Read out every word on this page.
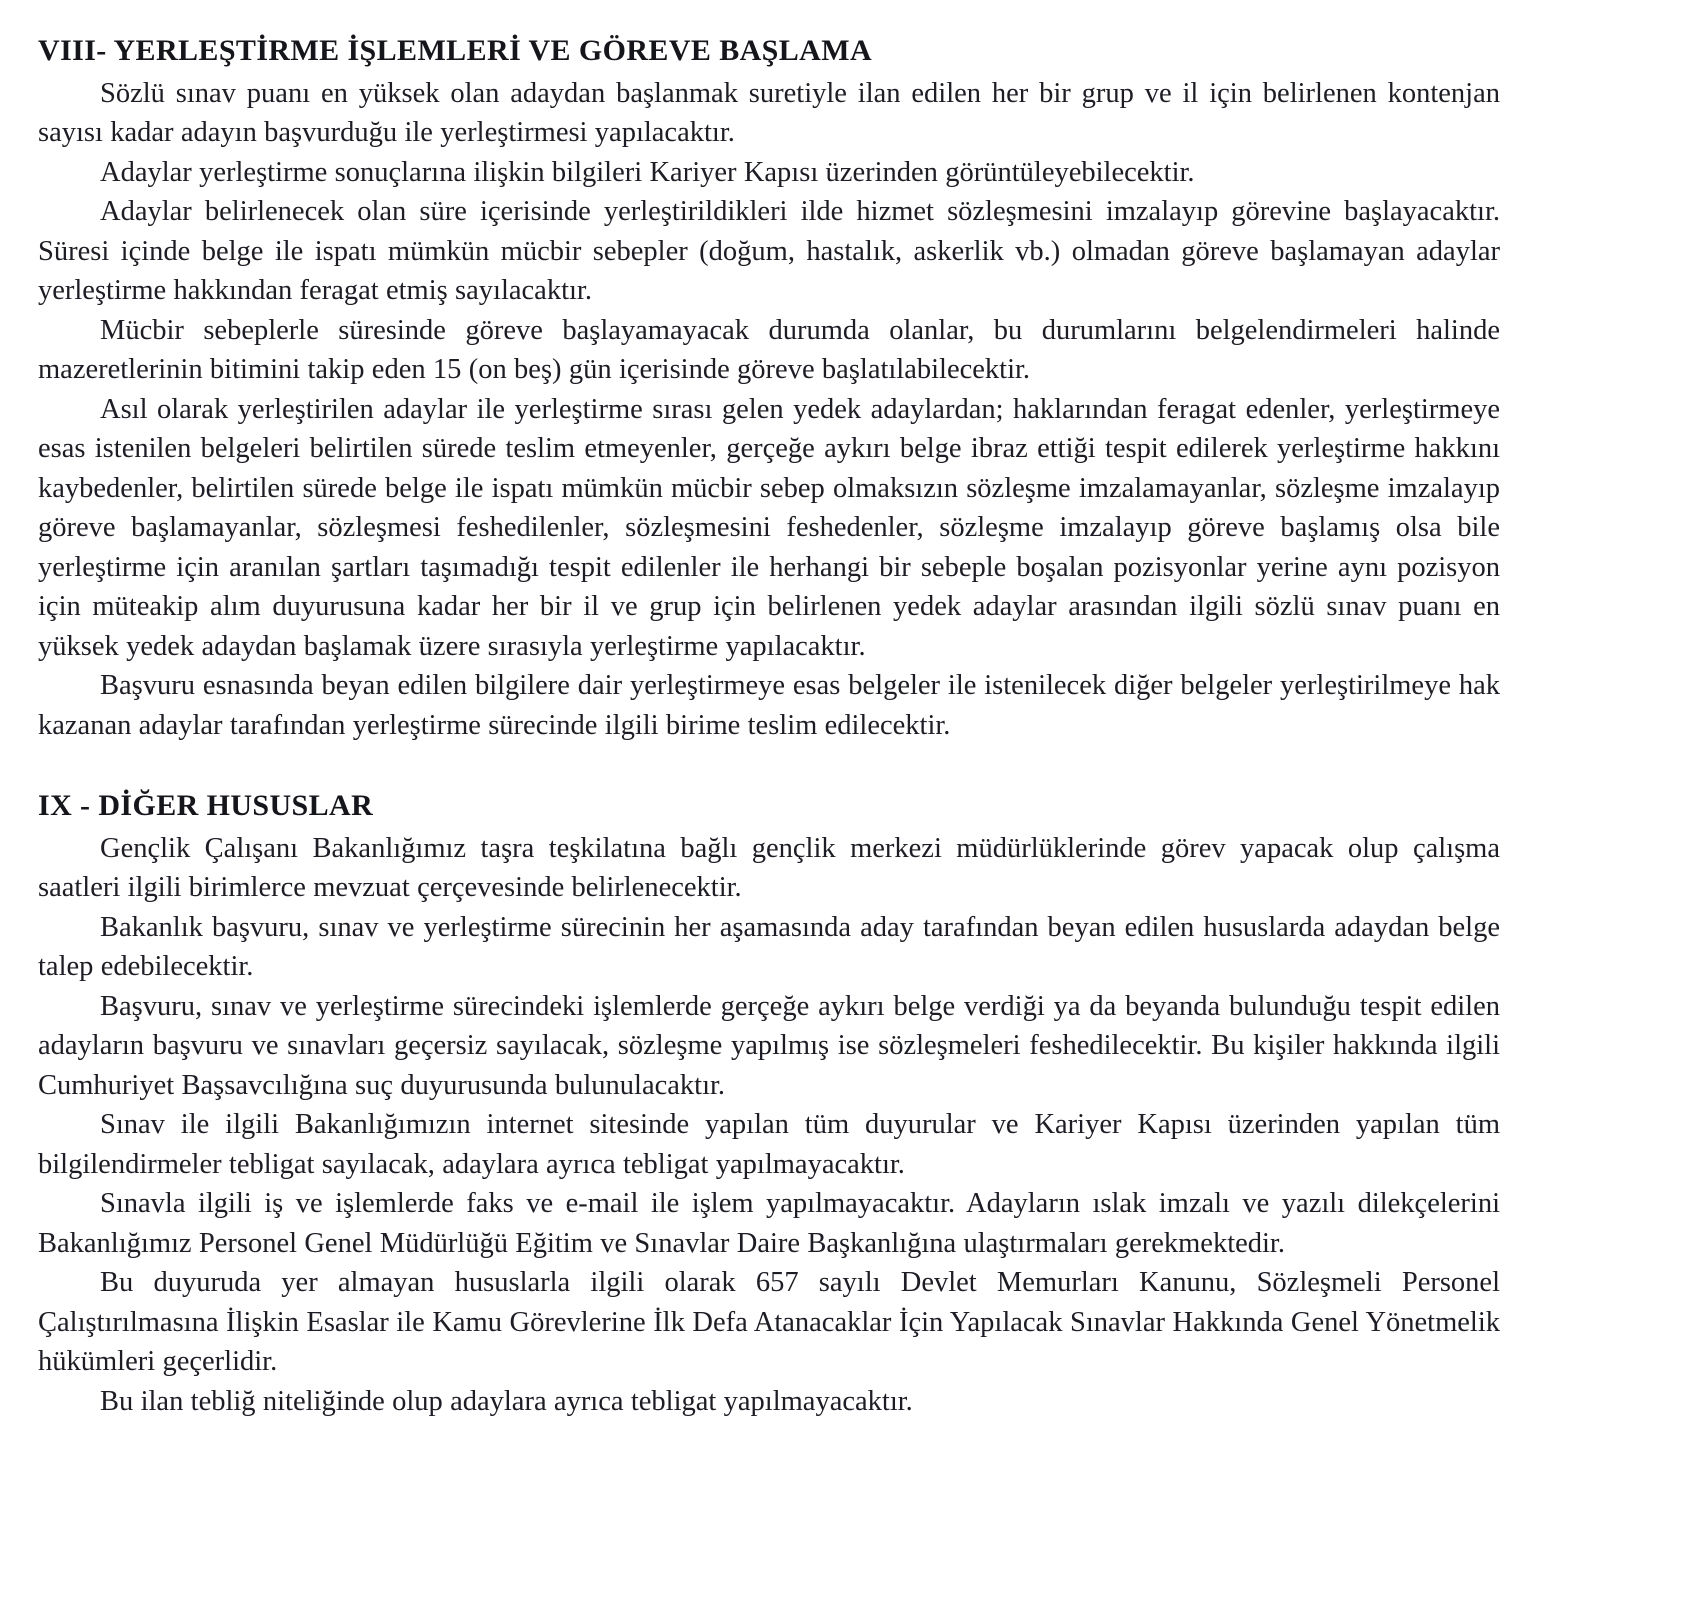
VIII- YERLEŞTİRME İŞLEMLERİ VE GÖREVE BAŞLAMA

Sözlü sınav puanı en yüksek olan adaydan başlanmak suretiyle ilan edilen her bir grup ve il için belirlenen kontenjan sayısı kadar adayın başvurduğu ile yerleştirmesi yapılacaktır.

Adaylar yerleştirme sonuçlarına ilişkin bilgileri Kariyer Kapısı üzerinden görüntüleyebilecektir.

Adaylar belirlenecek olan süre içerisinde yerleştirildikleri ilde hizmet sözleşmesini imzalayıp görevine başlayacaktır. Süresi içinde belge ile ispatı mümkün mücbir sebepler (doğum, hastalık, askerlik vb.) olmadan göreve başlamayan adaylar yerleştirme hakkından feragat etmiş sayılacaktır.

Mücbir sebeplerle süresinde göreve başlayamayacak durumda olanlar, bu durumlarını belgelendirmeleri halinde mazeretlerinin bitimini takip eden 15 (on beş) gün içerisinde göreve başlatılabilecektir.

Asıl olarak yerleştirilen adaylar ile yerleştirme sırası gelen yedek adaylardan; haklarından feragat edenler, yerleştirmeye esas istenilen belgeleri belirtilen sürede teslim etmeyenler, gerçeğe aykırı belge ibraz ettiği tespit edilerek yerleştirme hakkını kaybedenler, belirtilen sürede belge ile ispatı mümkün mücbir sebep olmaksızın sözleşme imzalamayanlar, sözleşme imzalayıp göreve başlamayanlar, sözleşmesi feshedilenler, sözleşmesini feshedenler, sözleşme imzalayıp göreve başlamış olsa bile yerleştirme için aranılan şartları taşımadığı tespit edilenler ile herhangi bir sebeple boşalan pozisyonlar yerine aynı pozisyon için müteakip alım duyurusuna kadar her bir il ve grup için belirlenen yedek adaylar arasından ilgili sözlü sınav puanı en yüksek yedek adaydan başlamak üzere sırasıyla yerleştirme yapılacaktır.

Başvuru esnasında beyan edilen bilgilere dair yerleştirmeye esas belgeler ile istenilecek diğer belgeler yerleştirilmeye hak kazanan adaylar tarafından yerleştirme sürecinde ilgili birime teslim edilecektir.

IX - DİĞER HUSUSLAR

Gençlik Çalışanı Bakanlığımız taşra teşkilatına bağlı gençlik merkezi müdürlüklerinde görev yapacak olup çalışma saatleri ilgili birimlerce mevzuat çerçevesinde belirlenecektir.

Bakanlık başvuru, sınav ve yerleştirme sürecinin her aşamasında aday tarafından beyan edilen hususlarda adaydan belge talep edebilecektir.

Başvuru, sınav ve yerleştirme sürecindeki işlemlerde gerçeğe aykırı belge verdiği ya da beyanda bulunduğu tespit edilen adayların başvuru ve sınavları geçersiz sayılacak, sözleşme yapılmış ise sözleşmeleri feshedilecektir. Bu kişiler hakkında ilgili Cumhuriyet Başsavcılığına suç duyurusunda bulunulacaktır.

Sınav ile ilgili Bakanlığımızın internet sitesinde yapılan tüm duyurular ve Kariyer Kapısı üzerinden yapılan tüm bilgilendirmeler tebligat sayılacak, adaylara ayrıca tebligat yapılmayacaktır.

Sınavla ilgili iş ve işlemlerde faks ve e-mail ile işlem yapılmayacaktır. Adayların ıslak imzalı ve yazılı dilekçelerini Bakanlığımız Personel Genel Müdürlüğü Eğitim ve Sınavlar Daire Başkanlığına ulaştırmaları gerekmektedir.

Bu duyuruda yer almayan hususlarla ilgili olarak 657 sayılı Devlet Memurları Kanunu, Sözleşmeli Personel Çalıştırılmasına İlişkin Esaslar ile Kamu Görevlerine İlk Defa Atanacaklar İçin Yapılacak Sınavlar Hakkında Genel Yönetmelik hükümleri geçerlidir.

Bu ilan tebliğ niteliğinde olup adaylara ayrıca tebligat yapılmayacaktır.
